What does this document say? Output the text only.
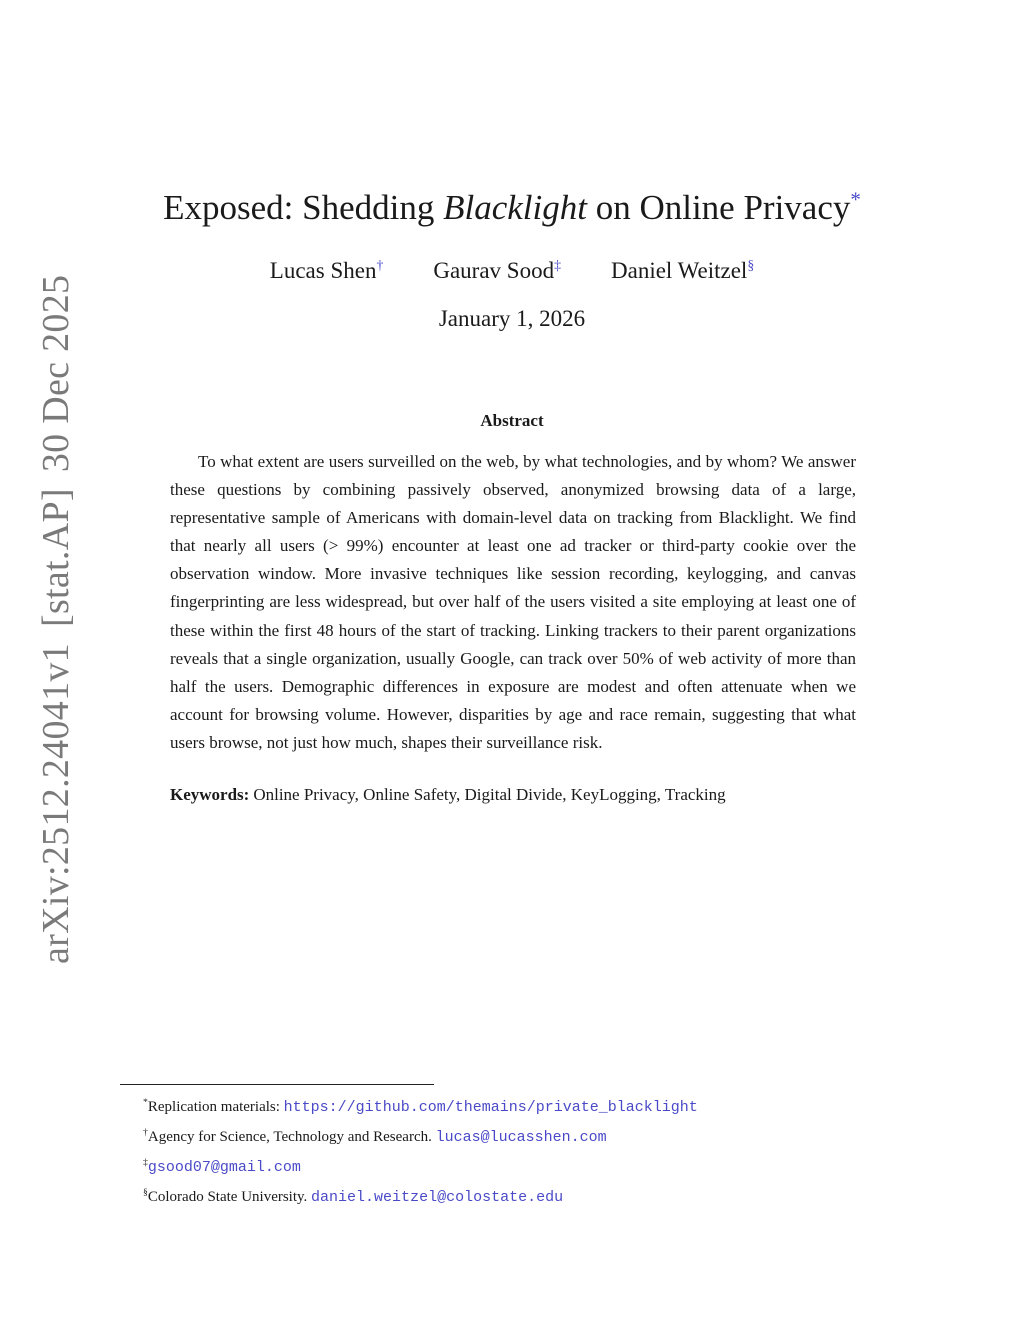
arXiv:2512.24041v1[stat.AP]30 Dec 2025
Exposed: Shedding Blacklight on Online Privacy*
Lucas Shen† Gaurav Sood‡ Daniel Weitzel§
January 1, 2026
Abstract

To what extent are users surveilled on the web, by what technologies, and by whom? We answer these questions by combining passively observed, anonymized browsing data of a large, representative sample of Americans with domain-level data on tracking from Blacklight. We find that nearly all users (> 99%) encounter at least one ad tracker or third-party cookie over the observation window. More invasive techniques like session recording, keylogging, and canvas fingerprinting are less widespread, but over half of the users visited a site employing at least one of these within the first 48 hours of the start of tracking. Linking trackers to their parent organizations reveals that a single organization, usually Google, can track over 50% of web activity of more than half the users. Demographic differences in exposure are modest and often attenuate when we account for browsing volume. However, disparities by age and race remain, suggesting that what users browse, not just how much, shapes their surveillance risk.

Keywords: Online Privacy, Online Safety, Digital Divide, KeyLogging, Tracking
*Replication materials: https://github.com/themains/private_blacklight
†Agency for Science, Technology and Research. lucas@lucasshen.com
‡gsood07@gmail.com
§Colorado State University. daniel.weitzel@colostate.edu
